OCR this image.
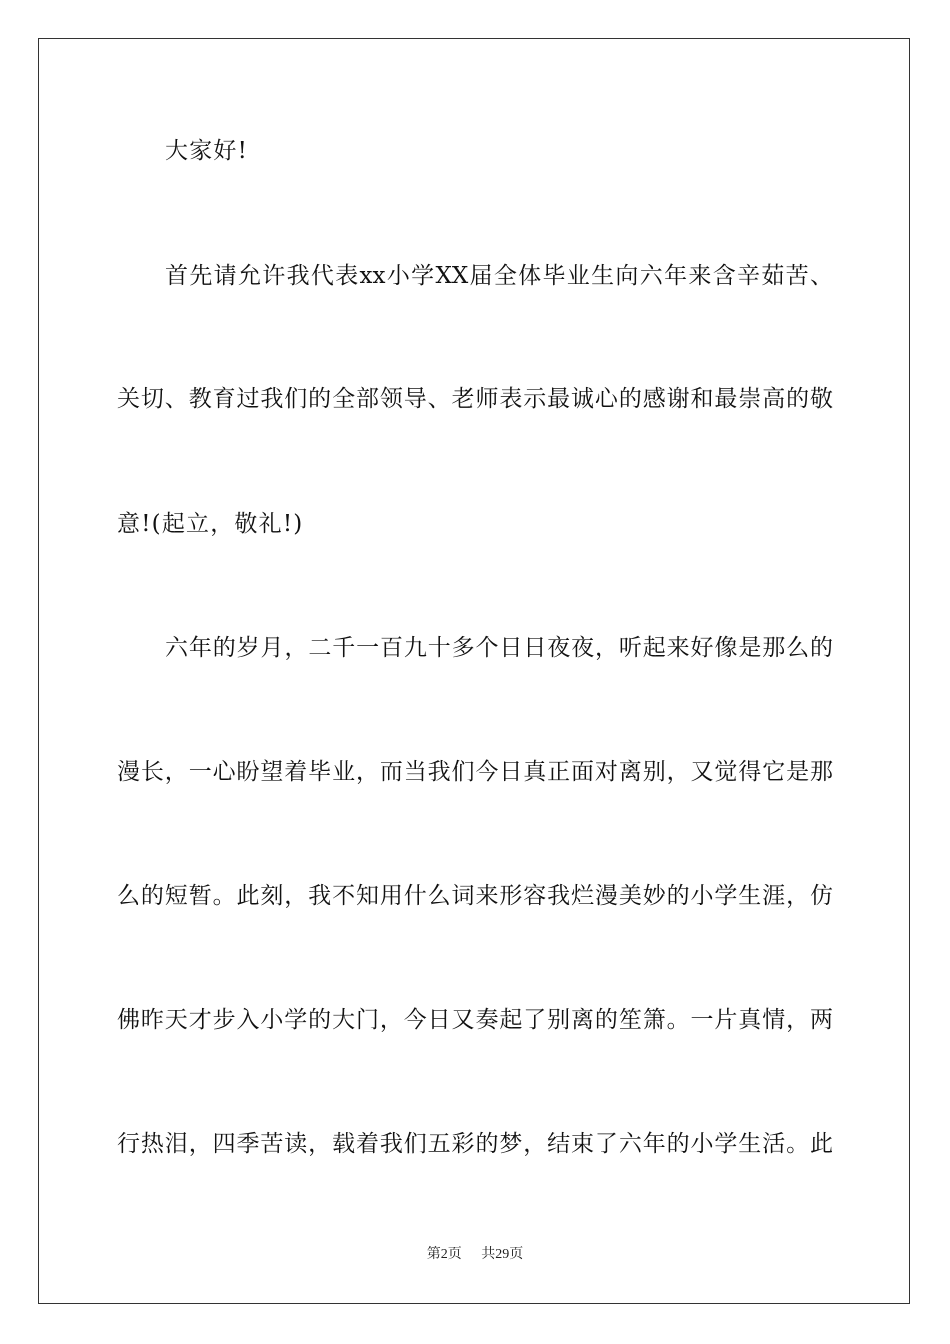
大家好!
首先请允许我代表xx小学XX届全体毕业生向六年来含辛茹苦、
关切、教育过我们的全部领导、老师表示最诚心的感谢和最崇高的敬
意!(起立，敬礼!)
六年的岁月，二千一百九十多个日日夜夜，听起来好像是那么的
漫长，一心盼望着毕业，而当我们今日真正面对离别，又觉得它是那
么的短暂。此刻，我不知用什么词来形容我烂漫美妙的小学生涯，仿
佛昨天才步入小学的大门，今日又奏起了别离的笙箫。一片真情，两
行热泪，四季苦读，载着我们五彩的梦，结束了六年的小学生活。此
第2页 共29页
